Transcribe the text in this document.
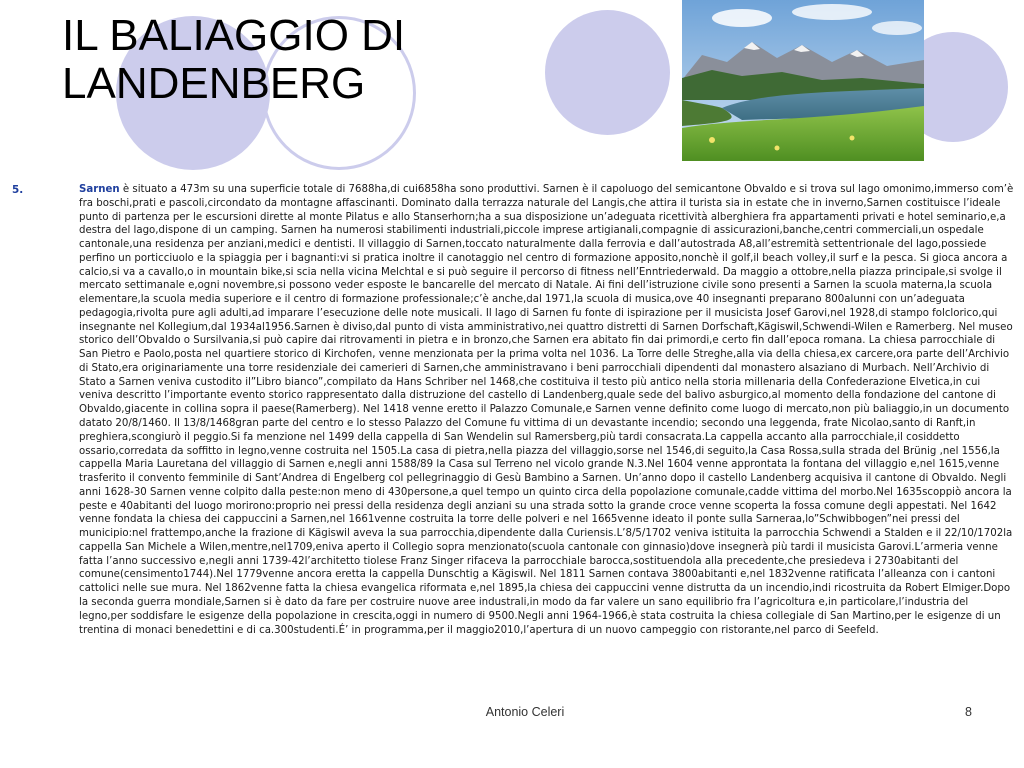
IL BALIAGGIO DI
LANDENBERG
5.	Sarnen è situato a 473m su una superficie totale di 7688ha,di cui6858ha sono produttivi. Sarnen è il capoluogo del semicantone Obvaldo e si trova sul lago omonimo,immerso com’è fra boschi,prati e pascoli,circondato da montagne affascinanti. Dominato dalla terrazza naturale del Langis,che attira il turista sia in estate che in inverno,Sarnen costituisce l’ideale punto di partenza per le escursioni dirette al monte Pilatus e allo Stanserhorn;ha a sua disposizione un’adeguata ricettività alberghiera fra appartamenti privati e hotel seminario,e,a destra del lago,dispone di un camping. Sarnen ha numerosi stabilimenti industriali,piccole imprese artigianali,compagnie di assicurazioni,banche,centri commerciali,un ospedale cantonale,una residenza per anziani,medici e dentisti. Il villaggio di Sarnen,toccato naturalmente dalla ferrovia e dall’autostrada A8,all’estremità settentrionale del lago,possiede perfino un porticciuolo e la spiaggia per i bagnanti:vi si pratica inoltre il canotaggio nel centro di formazione apposito,nonchè il golf,il beach volley,il surf e la pesca. Si gioca ancora a calcio,si va a cavallo,o in mountain bike,si scia nella vicina Melchtal e si può seguire il percorso di fitness nell’Enntriederwald. Da maggio a ottobre,nella piazza principale,si svolge il mercato settimanale e,ogni novembre,si possono veder esposte le bancarelle del mercato di Natale. Ai fini dell’istruzione civile sono presenti a Sarnen la scuola materna,la scuola elementare,la scuola media superiore e il centro di formazione professionale;c’è anche,dal 1971,la scuola di musica,ove 40 insegnanti preparano 800alunni con un’adeguata pedagogia,rivolta pure agli adulti,ad imparare l’esecuzione delle note musicali. Il lago di Sarnen fu fonte di ispirazione per il musicista Josef Garovi,nel 1928,di stampo folclorico,qui insegnante nel Kollegium,dal 1934al1956.Sarnen è diviso,dal punto di vista amministrativo,nei quattro distretti di Sarnen Dorfschaft,Kägiswil,Schwendi-Wilen e Ramerberg. Nel museo storico dell’Obvaldo o Sursilvania,si può capire dai ritrovamenti in pietra e in bronzo,che Sarnen era abitato fin dai primordi,e certo fin dall’epoca romana. La chiesa parrocchiale di San Pietro e Paolo,posta nel quartiere storico di Kirchofen, venne menzionata per la prima volta nel 1036. La Torre delle Streghe,alla via della chiesa,ex carcere,ora parte dell’Archivio di Stato,era originariamente una torre residenziale dei camerieri di Sarnen,che amministravano i beni parrocchiali dipendenti dal monastero alsaziano di Murbach. Nell’Archivio di Stato a Sarnen veniva custodito il”Libro bianco”,compilato da Hans Schriber nel 1468,che costituiva il testo più antico nella storia millenaria della Confederazione Elvetica,in cui veniva descritto l’importante evento storico rappresentato dalla distruzione del castello di Landenberg,quale sede del balivo asburgico,al momento della fondazione del cantone di Obvaldo,giacente in collina sopra il paese(Ramerberg). Nel 1418 venne eretto il Palazzo Comunale,e Sarnen venne definito come luogo di mercato,non più baliaggio,in un documento datato 20/8/1460. Il 13/8/1468gran parte del centro e lo stesso Palazzo del Comune fu vittima di un devastante incendio; secondo una leggenda, frate Nicolao,santo di Ranft,in preghiera,scongiurò il peggio.Si fa menzione nel 1499 della cappella di San Wendelin sul Ramersberg,più tardi consacrata.La cappella accanto alla parrocchiale,il cosiddetto ossario,corredata da soffitto in legno,venne costruita nel 1505.La casa di pietra,nella piazza del villaggio,sorse nel 1546,di seguito,la Casa Rossa,sulla strada del Brünig ,nel 1556,la cappella Maria Lauretana del villaggio di Sarnen e,negli anni 1588/89 la Casa sul Terreno nel vicolo grande N.3.Nel 1604 venne approntata la fontana del villaggio e,nel 1615,venne trasferito il convento femminile di Sant’Andrea di Engelberg col pellegrinaggio di Gesù Bambino a Sarnen. Un’anno dopo il castello Landenberg acquisiva il cantone di Obvaldo. Negli anni 1628-30 Sarnen venne colpito dalla peste:non meno di 430persone,a quel tempo un quinto circa della popolazione comunale,cadde vittima del morbo.Nel 1635scoppiò ancora la peste e 40abitanti del luogo morirono:proprio nei pressi della residenza degli anziani su una strada sotto la grande croce venne scoperta la fossa comune degli appestati. Nel 1642 venne fondata la chiesa dei cappuccini a Sarnen,nel 1661venne costruita la torre delle polveri e nel 1665venne ideato il ponte sulla Sarneraa,lo”Schwibbogen”nei pressi del municipio:nel frattempo,anche la frazione di Kägiswil aveva la sua parrocchia,dipendente dalla Curiensis.L’8/5/1702 veniva istituita la parrocchia Schwendi a Stalden e il 22/10/1702la cappella San Michele a Wilen,mentre,nel1709,eniva aperto il Collegio sopra menzionato(scuola cantonale con ginnasio)dove insegnerà più tardi il musicista Garovi.L’armeria venne fatta l’anno successivo e,negli anni 1739-42l’architetto tiolese Franz Singer rifaceva la parrocchiale barocca,sostituendola alla precedente,che presiedeva i 2730abitanti del comune(censimento1744).Nel 1779venne ancora eretta la cappella Dunschtig a Kägiswil. Nel 1811 Sarnen contava 3800abitanti e,nel 1832venne ratificata l’alleanza con i cantoni cattolici nelle sue mura. Nel 1862venne fatta la chiesa evangelica riformata e,nel 1895,la chiesa dei cappuccini venne distrutta da un incendio,indi ricostruita da Robert Elmiger.Dopo la seconda guerra mondiale,Sarnen si è dato da fare per costruire nuove aree industrali,in modo da far valere un sano equilibrio fra l’agricoltura e,in particolare,l’industria del legno,per soddisfare le esigenze della popolazione in crescita,oggi in numero di 9500.Negli anni 1964-1966,è stata costruita la chiesa collegiale di San Martino,per le esigenze di un trentina di monaci benedettini e di ca.300studenti.É’ in programma,per il maggio2010,l’apertura di un nuovo campeggio con ristorante,nel parco di Seefeld.

Antonio Celeri	8
